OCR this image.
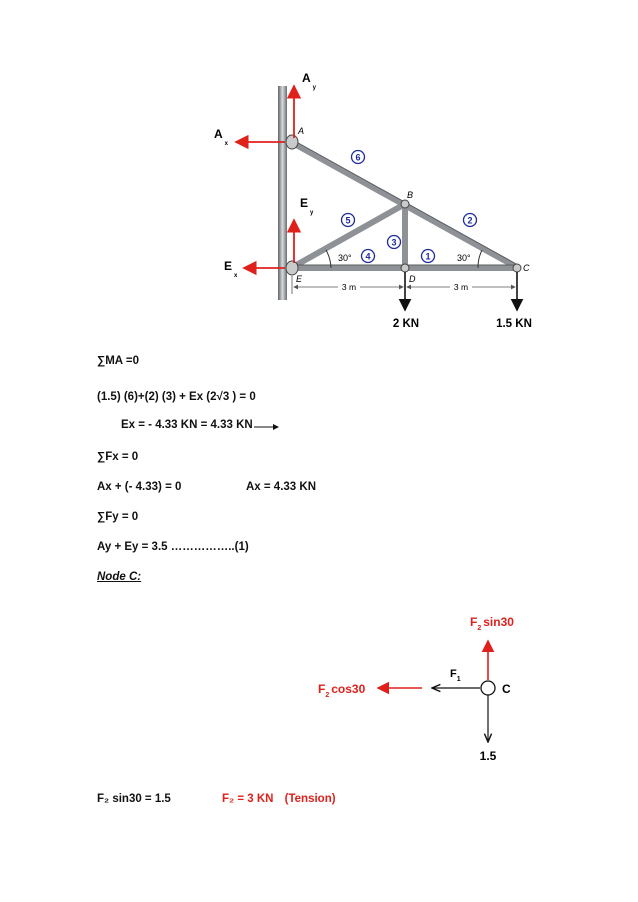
30°	30°
A
B
C
D
E
6
5
3
4	1
2
3 m	3 m
$A_y$
$A_x$
$E_y$
$E_x$
2 KN	1.5 KN
∑MA =0
(1.5) (6)+(2) (3) + Ex (2√3 ) = 0
Ex = - 4.33 KN = 4.33 KN
∑Fx = 0
Ax + (- 4.33) = 0	Ax = 4.33 KN
∑Fy = 0
Ay + Ey = 3.5 ……………..(1)
Node C:
$F_2$ sin30
$F_1$
$F_2$ cos30	C
1.5
F₂ sin30 = 1.5	F₂ = 3 KN (Tension)
